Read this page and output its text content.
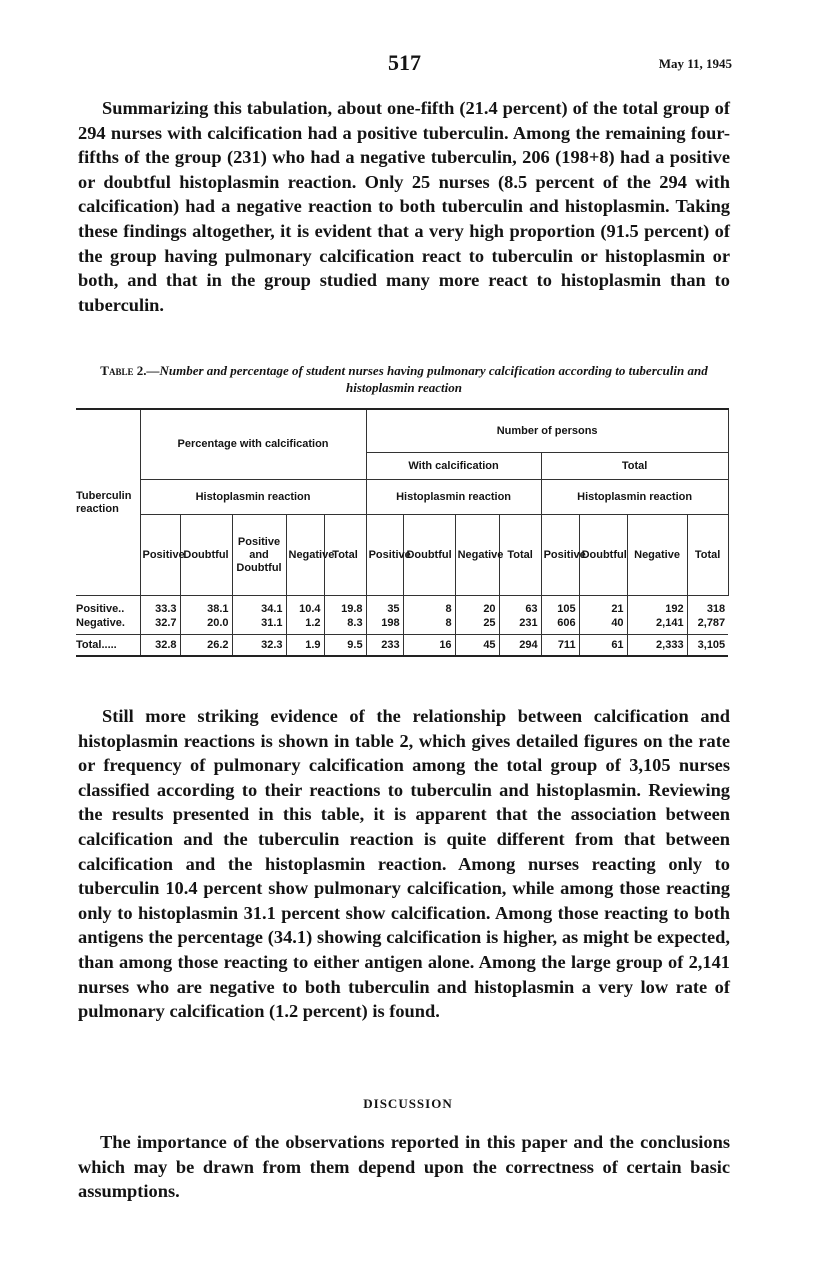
517	May 11, 1945

Summarizing this tabulation, about one-fifth (21.4 percent) of the total group of 294 nurses with calcification had a positive tuberculin. Among the remaining four-fifths of the group (231) who had a negative tuberculin, 206 (198+8) had a positive or doubtful histoplasmin reaction. Only 25 nurses (8.5 percent of the 294 with calcification) had a negative reaction to both tuberculin and histoplasmin. Taking these findings altogether, it is evident that a very high proportion (91.5 percent) of the group having pulmonary calcification react to tuberculin or histoplasmin or both, and that in the group studied many more react to histoplasmin than to tuberculin.

Table 2.—Number and percentage of student nurses having pulmonary calcification according to tuberculin and histoplasmin reaction
Tuberculin reaction	Percentage with calcification					Number of persons							
						With calcification				Total			
	Histoplasmin reaction					Histoplasmin reaction				Histoplasmin reaction			
	Positive	Doubtful	Positive and Doubtful	Negative	Total	Positive	Doubtful	Negative	Total	Positive	Doubtful	Negative	Total
Positive..	33.3	38.1	34.1	10.4	19.8	35	8	20	63	105	21	192	318
Negative.	32.7	20.0	31.1	1.2	8.3	198	8	25	231	606	40	2,141	2,787
Total.....	32.8	26.2	32.3	1.9	9.5	233	16	45	294	711	61	2,333	3,105

Still more striking evidence of the relationship between calcification and histoplasmin reactions is shown in table 2, which gives detailed figures on the rate or frequency of pulmonary calcification among the total group of 3,105 nurses classified according to their reactions to tuberculin and histoplasmin. Reviewing the results presented in this table, it is apparent that the association between calcification and the tuberculin reaction is quite different from that between calcification and the histoplasmin reaction. Among nurses reacting only to tuberculin 10.4 percent show pulmonary calcification, while among those reacting only to histoplasmin 31.1 percent show calcification. Among those reacting to both antigens the percentage (34.1) showing calcification is higher, as might be expected, than among those reacting to either antigen alone. Among the large group of 2,141 nurses who are negative to both tuberculin and histoplasmin a very low rate of pulmonary calcification (1.2 percent) is found.

DISCUSSION

The importance of the observations reported in this paper and the conclusions which may be drawn from them depend upon the correctness of certain basic assumptions.
